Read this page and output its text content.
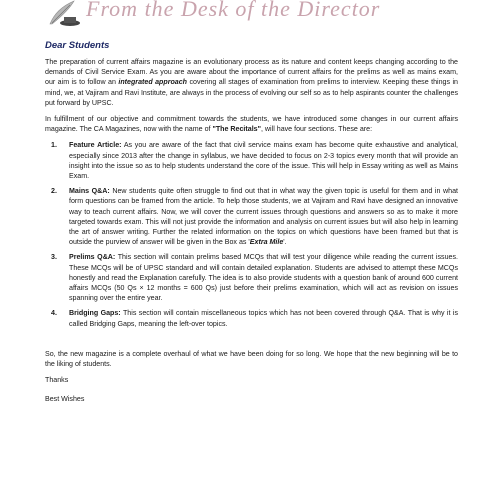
From the Desk of the Director
Dear Students

The preparation of current affairs magazine is an evolutionary process as its nature and content keeps changing according to the demands of Civil Service Exam. As you are aware about the importance of current affairs for the prelims as well as mains exam, our aim is to follow an integrated approach covering all stages of examination from prelims to interview. Keeping these things in mind, we, at Vajiram and Ravi Institute, are always in the process of evolving our self so as to help aspirants counter the challenges put forward by UPSC.

In fulfillment of our objective and commitment towards the students, we have introduced some changes in our current affairs magazine. The CA Magazines, now with the name of "The Recitals", will have four sections. These are:

1. Feature Article: As you are aware of the fact that civil service mains exam has become quite exhaustive and analytical, especially since 2013 after the change in syllabus, we have decided to focus on 2-3 topics every month that will provide an insight into the issue so as to help students understand the core of the issue. This will help in Essay writing as well as Mains Exam.
2. Mains Q&A: New students quite often struggle to find out that in what way the given topic is useful for them and in what form questions can be framed from the article. To help those students, we at Vajiram and Ravi have designed an innovative way to teach current affairs. Now, we will cover the current issues through questions and answers so as to make it more targeted towards exam. This will not just provide the information and analysis on current issues but will also help in learning the art of answer writing. Further the related information on the topics on which questions have been framed but that is outside the purview of answer will be given in the Box as 'Extra Mile'.
3. Prelims Q&A: This section will contain prelims based MCQs that will test your diligence while reading the current issues. These MCQs will be of UPSC standard and will contain detailed explanation. Students are advised to attempt these MCQs honestly and read the Explanation carefully. The idea is to also provide students with a question bank of around 600 current affairs MCQs (50 Qs × 12 months = 600 Qs) just before their prelims examination, which will act as revision on issues spanning over the entire year.
4. Bridging Gaps: This section will contain miscellaneous topics which has not been covered through Q&A. That is why it is called Bridging Gaps, meaning the left-over topics.

So, the new magazine is a complete overhaul of what we have been doing for so long. We hope that the new beginning will be to the liking of students.

Thanks
Best Wishes
